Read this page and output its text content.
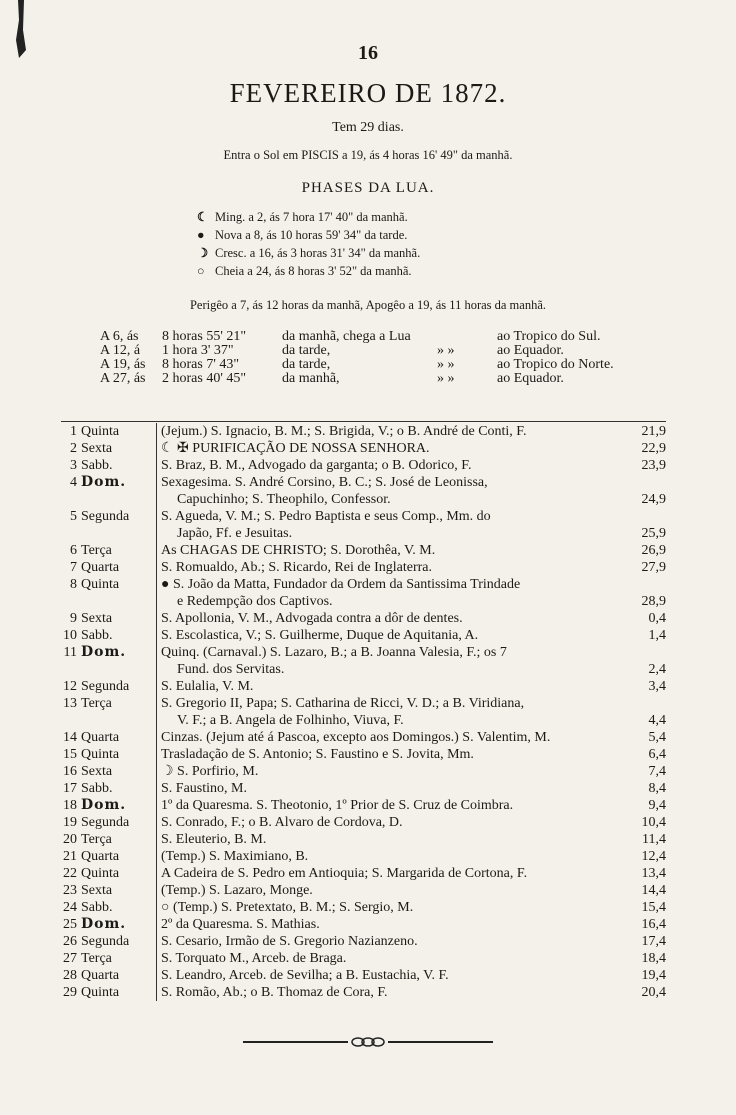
16
FEVEREIRO DE 1872.
Tem 29 dias.
Entra o Sol em PISCIS a 19, ás 4 horas 16' 49" da manhã.
PHASES DA LUA.
☾ Ming. a 2, ás 7 hora 17' 40" da manhã.
● Nova a 8, ás 10 horas 59' 34" da tarde.
☽ Cresc. a 16, ás 3 horas 31' 34" da manhã.
○ Cheia a 24, ás 8 horas 3' 52" da manhã.
Perigêo a 7, ás 12 horas da manhã, Apogêo a 19, ás 11 horas da manhã.
A 6, ás 8 horas 55' 21"	da manhã, chega a Lua	ao Tropico do Sul.
A 12, á 1 hora 3' 37"	da tarde,	» »	ao Equador.
A 19, ás 8 horas 7' 43"	da tarde,	» »	ao Tropico do Norte.
A 27, ás 2 horas 40' 45"	da manhã,	» »	ao Equador.
1 Quinta	(Jejum.) S. Ignacio, B. M.; S. Brigida, V.; o B. André de Conti, F.	21,9
2 Sexta	☾ ✠ PURIFICAÇÃO DE NOSSA SENHORA.	22,9
3 Sabb.	S. Braz, B. M., Advogado da garganta; o B. Odorico, F.	23,9
4 Dom.	Sexagesima. S. André Corsino, B. C.; S. José de Leonissa,
Capuchinho; S. Theophilo, Confessor.	24,9
5 Segunda	S. Agueda, V. M.; S. Pedro Baptista e seus Comp., Mm. do
Japão, Ff. e Jesuitas.	25,9
6 Terça	As CHAGAS DE CHRISTO; S. Dorothêa, V. M.	26,9
7 Quarta	S. Romualdo, Ab.; S. Ricardo, Rei de Inglaterra.	27,9
8 Quinta	● S. João da Matta, Fundador da Ordem da Santissima Trindade
e Redempção dos Captivos.	28,9
9 Sexta	S. Apollonia, V. M., Advogada contra a dôr de dentes.	0,4
10 Sabb.	S. Escolastica, V.; S. Guilherme, Duque de Aquitania, A.	1,4
11 Dom.	Quinq. (Carnaval.) S. Lazaro, B.; a B. Joanna Valesia, F.; os 7
Fund. dos Servitas.	2,4
12 Segunda	S. Eulalia, V. M.	3,4
13 Terça	S. Gregorio II, Papa; S. Catharina de Ricci, V. D.; a B. Viridiana,
V. F.; a B. Angela de Folhinho, Viuva, F.	4,4
14 Quarta	Cinzas. (Jejum até á Pascoa, excepto aos Domingos.) S. Valentim, M.	5,4
15 Quinta	Trasladação de S. Antonio; S. Faustino e S. Jovita, Mm.	6,4
16 Sexta	☽ S. Porfirio, M.	7,4
17 Sabb.	S. Faustino, M.	8,4
18 Dom.	1º da Quaresma. S. Theotonio, 1º Prior de S. Cruz de Coimbra.	9,4
19 Segunda	S. Conrado, F.; o B. Alvaro de Cordova, D.	10,4
20 Terça	S. Eleuterio, B. M.	11,4
21 Quarta	(Temp.) S. Maximiano, B.	12,4
22 Quinta	A Cadeira de S. Pedro em Antioquia; S. Margarida de Cortona, F.	13,4
23 Sexta	(Temp.) S. Lazaro, Monge.	14,4
24 Sabb.	○ (Temp.) S. Pretextato, B. M.; S. Sergio, M.	15,4
25 Dom.	2º da Quaresma. S. Mathias.	16,4
26 Segunda	S. Cesario, Irmão de S. Gregorio Nazianzeno.	17,4
27 Terça	S. Torquato M., Arceb. de Braga.	18,4
28 Quarta	S. Leandro, Arceb. de Sevilha; a B. Eustachia, V. F.	19,4
29 Quinta	S. Romão, Ab.; o B. Thomaz de Cora, F.	20,4
